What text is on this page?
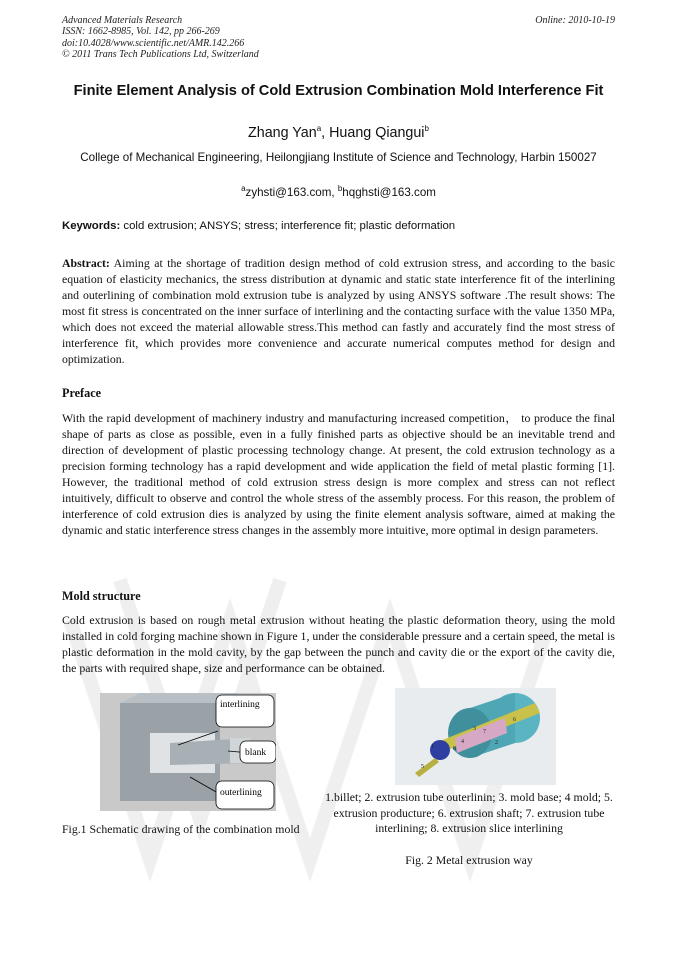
Advanced Materials Research
ISSN: 1662-8985, Vol. 142, pp 266-269
doi:10.4028/www.scientific.net/AMR.142.266
© 2011 Trans Tech Publications Ltd, Switzerland
Online: 2010-10-19
Finite Element Analysis of Cold Extrusion Combination Mold Interference Fit
Zhang Yan$^a$, Huang Qiangui$^b$
College of Mechanical Engineering, Heilongjiang Institute of Science and Technology, Harbin 150027
$^a$zyhsti@163.com, $^b$hqghsti@163.com
Keywords: cold extrusion; ANSYS; stress; interference fit; plastic deformation
Abstract: Aiming at the shortage of tradition design method of cold extrusion stress, and according to the basic equation of elasticity mechanics, the stress distribution at dynamic and static state interference fit of the interlining and outerlining of combination mold extrusion tube is analyzed by using ANSYS software .The result shows: The most fit stress is concentrated on the inner surface of interlining and the contacting surface with the value 1350 MPa, which does not exceed the material allowable stress.This method can fastly and accurately find the most stress of interference fit, which provides more convenience and accurate numerical computes method for design and optimization.
Preface
With the rapid development of machinery industry and manufacturing increased competition， to produce the final shape of parts as close as possible, even in a fully finished parts as objective should be an inevitable trend and direction of development of plastic processing technology change. At present, the cold extrusion technology as a precision forming technology has a rapid development and wide application the field of metal plastic forming [1]. However, the traditional method of cold extrusion stress design is more complex and stress can not reflect intuitively, difficult to observe and control the whole stress of the assembly process. For this reason, the problem of interference of cold extrusion dies is analyzed by using the finite element analysis software, aimed at making the dynamic and static interference stress changes in the assembly more intuitive, more optimal in design parameters.
Mold structure
Cold extrusion is based on rough metal extrusion without heating the plastic deformation theory, using the mold installed in cold forging machine shown in Figure 1, under the considerable pressure and a certain speed, the metal is plastic deformation in the mold cavity, by the gap between the punch and cavity die or the export of the cavity die, the parts with required shape, size and performance can be obtained.
interlining
blank
outerlining
1
2
3
4
5
6
7
8
Fig.1 Schematic drawing of the combination mold
1.billet; 2. extrusion tube outerlinin; 3. mold base; 4 mold; 5. extrusion producture; 6. extrusion shaft; 7. extrusion tube interlining; 8. extrusion slice interlining
Fig. 2 Metal extrusion way
